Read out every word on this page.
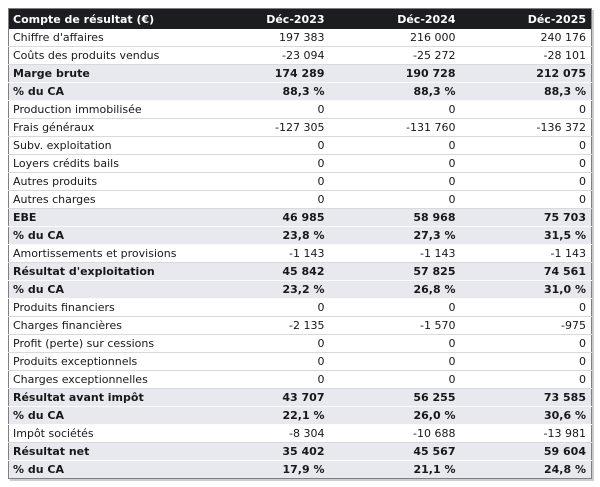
Compte de résultat (€)	Déc-2023	Déc-2024	Déc-2025
Chiffre d'affaires	197 383	216 000	240 176
Coûts des produits vendus	-23 094	-25 272	-28 101
Marge brute	174 289	190 728	212 075
% du CA	88,3 %	88,3 %	88,3 %
Production immobilisée	0	0	0
Frais généraux	-127 305	-131 760	-136 372
Subv. exploitation	0	0	0
Loyers crédits bails	0	0	0
Autres produits	0	0	0
Autres charges	0	0	0
EBE	46 985	58 968	75 703
% du CA	23,8 %	27,3 %	31,5 %
Amortissements et provisions	-1 143	-1 143	-1 143
Résultat d'exploitation	45 842	57 825	74 561
% du CA	23,2 %	26,8 %	31,0 %
Produits financiers	0	0	0
Charges financières	-2 135	-1 570	-975
Profit (perte) sur cessions	0	0	0
Produits exceptionnels	0	0	0
Charges exceptionnelles	0	0	0
Résultat avant impôt	43 707	56 255	73 585
% du CA	22,1 %	26,0 %	30,6 %
Impôt sociétés	-8 304	-10 688	-13 981
Résultat net	35 402	45 567	59 604
% du CA	17,9 %	21,1 %	24,8 %
